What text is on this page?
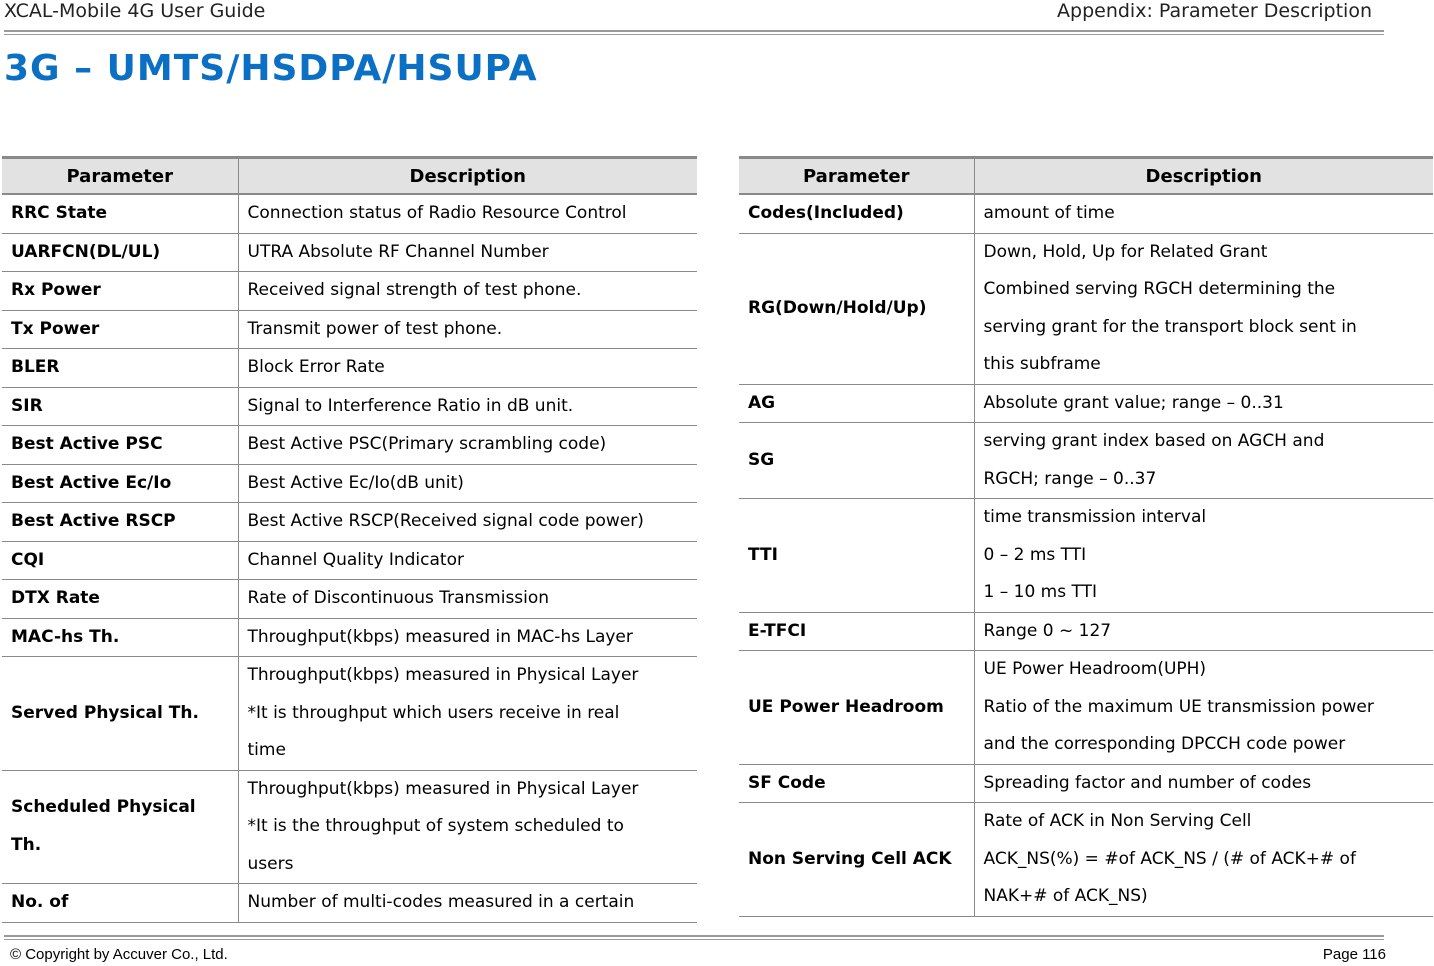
XCAL-Mobile 4G User Guide	Appendix: Parameter Description
3G – UMTS/HSDPA/HSUPA
Parameter	Description
RRC State	Connection status of Radio Resource Control

UARFCN(DL/UL)	UTRA Absolute RF Channel Number

Rx Power	Received signal strength of test phone.

Tx Power	Transmit power of test phone.

BLER	Block Error Rate

SIR	Signal to Interference Ratio in dB unit.

Best Active PSC	Best Active PSC(Primary scrambling code)

Best Active Ec/Io	Best Active Ec/Io(dB unit)

Best Active RSCP	Best Active RSCP(Received signal code power)

CQI	Channel Quality Indicator

DTX Rate	Rate of Discontinuous Transmission

MAC-hs Th.	Throughput(kbps) measured in MAC-hs Layer

Served Physical Th.	Throughput(kbps) measured in Physical Layer
*It is throughput which users receive in real
time

Scheduled Physical Th.	Throughput(kbps) measured in Physical Layer
*It is the throughput of system scheduled to
users

No. of	Number of multi-codes measured in a certain
Parameter	Description
Codes(Included)	amount of time

RG(Down/Hold/Up)	Down, Hold, Up for Related Grant
Combined serving RGCH determining the
serving grant for the transport block sent in
this subframe

AG	Absolute grant value; range – 0..31

SG	serving grant index based on AGCH and
RGCH; range – 0..37

TTI	time transmission interval
0 – 2 ms TTI
1 – 10 ms TTI

E-TFCI	Range 0 ~ 127

UE Power Headroom	UE Power Headroom(UPH)
Ratio of the maximum UE transmission power
and the corresponding DPCCH code power

SF Code	Spreading factor and number of codes

Non Serving Cell ACK	Rate of ACK in Non Serving Cell
ACK_NS(%) = #of ACK_NS / (# of ACK+# of
NAK+# of ACK_NS)
© Copyright by Accuver Co., Ltd.	Page 116
